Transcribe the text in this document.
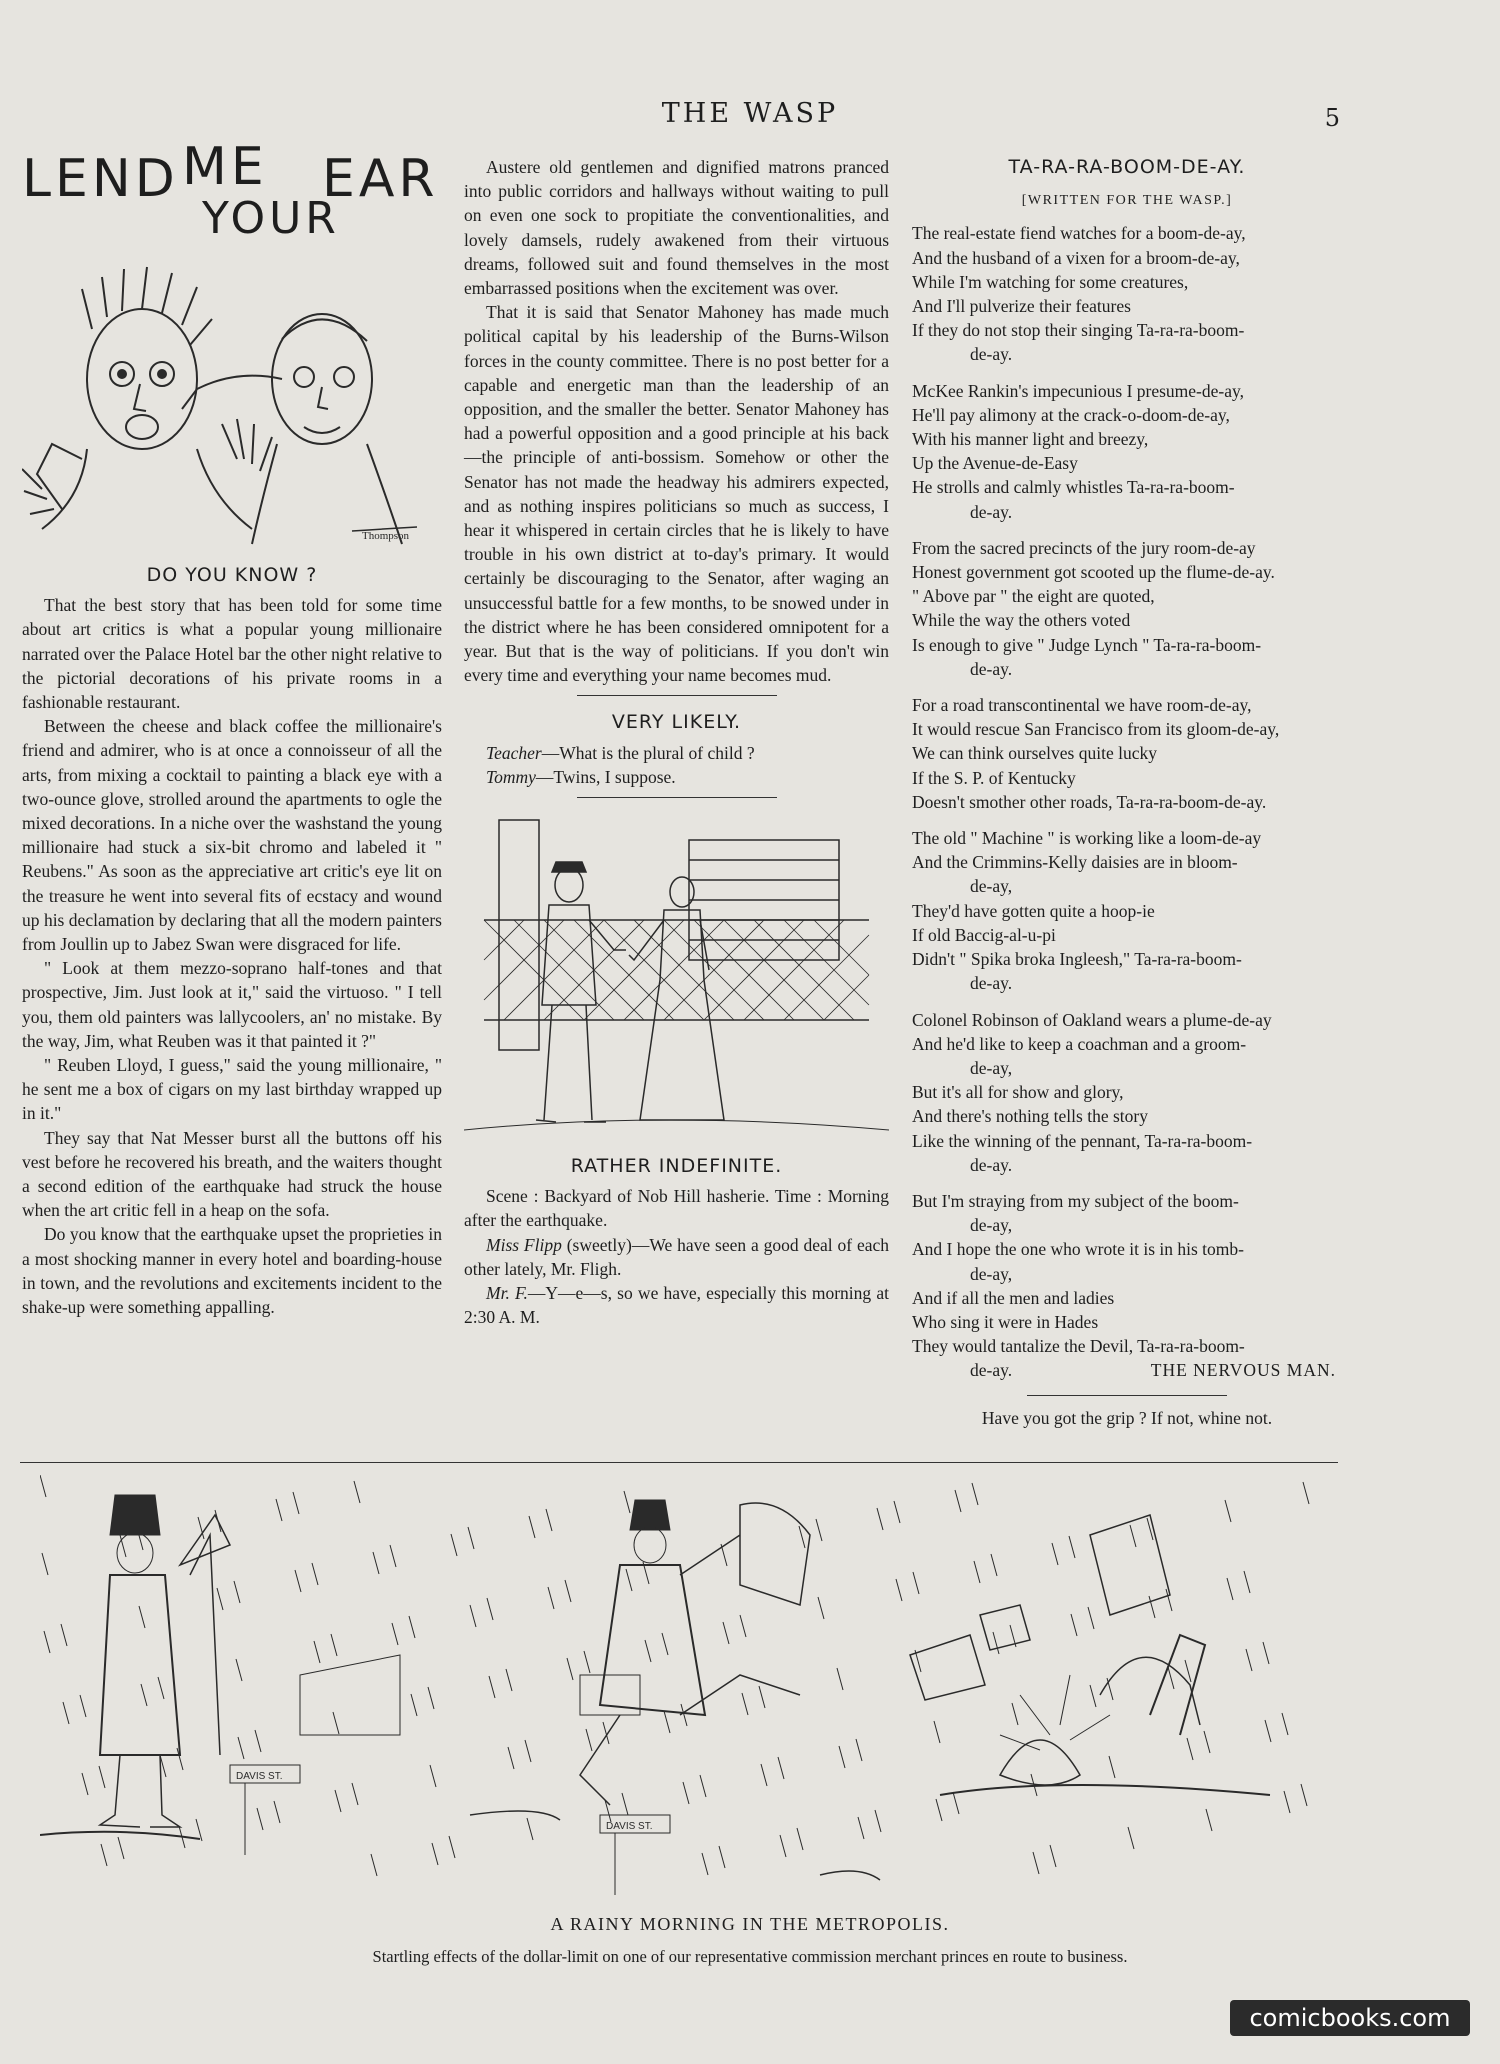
THE WASP	5
LEND ME EAR
YOUR
Thompson
DO YOU KNOW ?

That the best story that has been told for some time about art critics is what a popular young millionaire narrated over the Palace Hotel bar the other night relative to the pictorial decorations of his private rooms in a fashionable restaurant.

Between the cheese and black coffee the millionaire's friend and admirer, who is at once a connoisseur of all the arts, from mixing a cocktail to painting a black eye with a two-ounce glove, strolled around the apartments to ogle the mixed decorations. In a niche over the washstand the young millionaire had stuck a six-bit chromo and labeled it " Reubens." As soon as the appreciative art critic's eye lit on the treasure he went into several fits of ecstacy and wound up his declamation by declaring that all the modern painters from Joullin up to Jabez Swan were disgraced for life.

" Look at them mezzo-soprano half-tones and that prospective, Jim. Just look at it," said the virtuoso. " I tell you, them old painters was lallycoolers, an' no mistake. By the way, Jim, what Reuben was it that painted it ?"

" Reuben Lloyd, I guess," said the young millionaire, " he sent me a box of cigars on my last birthday wrapped up in it."

They say that Nat Messer burst all the buttons off his vest before he recovered his breath, and the waiters thought a second edition of the earthquake had struck the house when the art critic fell in a heap on the sofa.

Do you know that the earthquake upset the proprieties in a most shocking manner in every hotel and boarding-house in town, and the revolutions and excitements incident to the shake-up were something appalling.

Austere old gentlemen and dignified matrons pranced into public corridors and hallways without waiting to pull on even one sock to propitiate the conventionalities, and lovely damsels, rudely awakened from their virtuous dreams, followed suit and found themselves in the most embarrassed positions when the excitement was over.

That it is said that Senator Mahoney has made much political capital by his leadership of the Burns-Wilson forces in the county committee. There is no post better for a capable and energetic man than the leadership of an opposition, and the smaller the better. Senator Mahoney has had a powerful opposition and a good principle at his back—the principle of anti-bossism. Somehow or other the Senator has not made the headway his admirers expected, and as nothing inspires politicians so much as success, I hear it whispered in certain circles that he is likely to have trouble in his own district at to-day's primary. It would certainly be discouraging to the Senator, after waging an unsuccessful battle for a few months, to be snowed under in the district where he has been considered omnipotent for a year. But that is the way of politicians. If you don't win every time and everything your name becomes mud.

VERY LIKELY.

Teacher—What is the plural of child ?

Tommy—Twins, I suppose.

RATHER INDEFINITE.

Scene : Backyard of Nob Hill hasherie. Time : Morning after the earthquake.

Miss Flipp (sweetly)—We have seen a good deal of each other lately, Mr. Fligh.

Mr. F.—Y—e—s, so we have, especially this morning at 2:30 A. M.

TA-RA-RA-BOOM-DE-AY.
[WRITTEN FOR THE WASP.]
The real-estate fiend watches for a boom-de-ay,
And the husband of a vixen for a broom-de-ay,
While I'm watching for some creatures,
And I'll pulverize their features
If they do not stop their singing Ta-ra-ra-boom-
de-ay.
McKee Rankin's impecunious I presume-de-ay,
He'll pay alimony at the crack-o-doom-de-ay,
With his manner light and breezy,
Up the Avenue-de-Easy
He strolls and calmly whistles Ta-ra-ra-boom-
de-ay.
From the sacred precincts of the jury room-de-ay
Honest government got scooted up the flume-de-ay.
" Above par " the eight are quoted,
While the way the others voted
Is enough to give " Judge Lynch " Ta-ra-ra-boom-
de-ay.
For a road transcontinental we have room-de-ay,
It would rescue San Francisco from its gloom-de-ay,
We can think ourselves quite lucky
If the S. P. of Kentucky
Doesn't smother other roads, Ta-ra-ra-boom-de-ay.
The old " Machine " is working like a loom-de-ay
And the Crimmins-Kelly daisies are in bloom-
de-ay,
They'd have gotten quite a hoop-ie
If old Baccig-al-u-pi
Didn't " Spika broka Ingleesh," Ta-ra-ra-boom-
de-ay.
Colonel Robinson of Oakland wears a plume-de-ay
And he'd like to keep a coachman and a groom-
de-ay,
But it's all for show and glory,
And there's nothing tells the story
Like the winning of the pennant, Ta-ra-ra-boom-
de-ay.
But I'm straying from my subject of the boom-
de-ay,
And I hope the one who wrote it is in his tomb-
de-ay,
And if all the men and ladies
Who sing it were in Hades
They would tantalize the Devil, Ta-ra-ra-boom-
de-ay.	THE NERVOUS MAN.
Have you got the grip ? If not, whine not.
DAVIS ST.
DAVIS ST.
A RAINY MORNING IN THE METROPOLIS.
Startling effects of the dollar-limit on one of our representative commission merchant princes en route to business.
comicbooks.com
